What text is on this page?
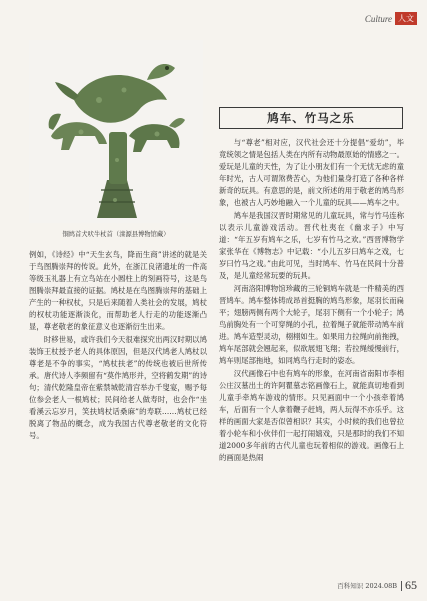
Culture 人文
铜鸠首犬吠牛杖首（滦源县博物馆藏）
鸠车、竹马之乐

与“尊老”相对应，汉代社会还十分提倡“爱幼”，毕竟统领之情是包括人类在内所有动物最原始的情感之一。爱玩是儿童的天性，为了让小朋友们有一个无忧无虑的童年时光，古人可谓煞费苦心，为他们量身打造了各种各样新奇的玩具。有意思的是，前文所述的用于敬老的鸠鸟形象，也被古人巧妙地融入一个儿童的玩具——鸠车之中。

鸠车是我国汉晋时期常见的儿童玩具，常与竹马连称以表示儿童游戏活动。晋代杜夷在《幽求子》中写道：“年五岁有鸠车之乐，七岁有竹马之欢。”西晋博物学家张华在《博物志》中记载：“小儿五岁曰鸠车之戏，七岁曰竹马之戏。”由此可见，当时鸠车、竹马在民间十分普及，是儿童经常玩要的玩具。

河南洛阳博物馆珍藏的三轮铜鸠车就是一件精美的西晋鸠车。鸠车整体铸成昂首挺胸的鸠鸟形象，尾羽长而扁平；翅膀两侧有两个大轮子，尾羽下侧有一个小轮子；鸠鸟前胸处有一个可穿绳的小孔，拉着绳子就能带动鸠车前进。鸠车造型灵动，栩栩如生。如果用力拉绳向前拖拽，鸠车尾部就会翘起来，似欲展翅飞翔；若拉绳缓慢前行，鸠车则尾部拖地，如同鸠鸟行走时的姿态。

汉代画像石中也有鸠车的形象，在河南省南阳市李相公庄汉墓出土的许阿瞿墓志铭画像石上，就能真切地看到儿童手牵鸠车游戏的情形。只见画面中一个小孩牵着鸠车，后面有一个人拿着鞭子赶鸠，两人玩得不亦乐乎。这样的画面大家是否似曾相识？其实，小时候的我们也曾拉着小轮车和小伙伴们一起打闹嬉戏，只是那时的我们不知道2000多年前的古代儿童也玩着相似的游戏。画像石上的画面是热闹

例如，《诗经》中“天生玄鸟，降而生商”讲述的就是关于鸟图腾崇拜的传说。此外，在浙江良渚遗址的一件高等级玉礼器上有立鸟站在小圆柱上的刻画符号，这是鸟图腾崇拜最直接的证据。鸠杖是在鸟图腾崇拜的基础上产生的一种权杖，只是后来随着人类社会的发展，鸠杖的权杖功能逐渐淡化，而帮助老人行走的功能逐渐凸显，尊老敬老的象征意义也逐渐衍生出来。

时移世易，或许我们今天很难探究出两汉时期以鸠装饰王杖授予老人的具体原因，但是汉代鸠老人鸠杖以尊老是不争的事实，“鸠杖扶老”的传统也被后世所传承。唐代诗人李频留有“莫作鸠形并，空将鹤发期”的诗句；清代乾隆皇帝在紫禁城乾清宫举办千叟宴，赐予每位参会老人一根鸠杖；民间给老人做寿时，也会作“坐看溪云忘岁月，笑扶鸠杖话桑麻”的寿联……鸠杖已经脱离了物品的概念，成为我国古代尊老敬老的文化符号。

百科知识 2024.08B 65
